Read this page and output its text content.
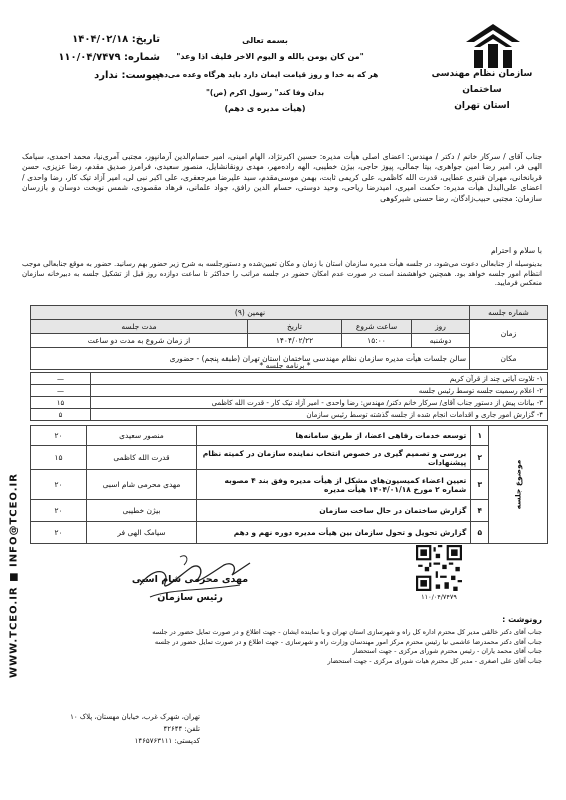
سازمان نظام مهندسی ساختمان
استان تهران
بسمه تعالی
"من کان یومن بالله و الیوم الاخر فلیف اذا وعد"
هر که به خدا و روز قیامت ایمان دارد باید هرگاه وعده می‌دهد،
بدان وفا کند" رسول اکرم (ص)"
(هیأت مدیره ی دهم)
تاریخ: ۱۴۰۴/۰۲/۱۸
شماره: ۱۱۰/۰۴/۷۴۷۹
پیوست: ندارد
جناب آقای / سرکار خانم / دکتر / مهندس: اعضای اصلی هیأت مدیره: حسین اکبرنژاد، الهام امینی، امیر حسام‌الدین آرمانپور، مجتبی آمری‌نیا، محمد احمدی، سیامک الهی فر، امیر رضا امین جواهری، بیتا جمالی، پیوز حاجی، بیژن خطیبی، الهه راده‌مهر، مهدی رونقانشایل، منصور سعیدی، فرامرز صدیق مقدم، رضا عزیزی، حسن قربانخانی، مهران قنبری عطایی، قدرت الله کاظمی، علی کریمی ثابت، بهمن موسی‌مقدم، سید علیرضا میرجعفری، علی اکبر نبی لی، امیر آزاد تیک کار، رضا واحدی / اعضای علی‌البدل هیأت مدیره: حکمت امیری، امیدرضا ریاحی، وحید دوستی، حسام الدین رافق، جواد علمانی، فرهاد مقصودی، شمس نوبخت دوسان و بازرسان سازمان: مجتبی حبیب‌زادگان، رضا حسنی شیرکوهی
با سلام و احترام
بدینوسیله از جنابعالی دعوت می‌شود، در جلسه هیأت مدیره سازمان استان با زمان و مکان تعیین‌شده و دستورجلسه به شرح زیر حضور بهم رسانید. حضور به موقع جنابعالی موجب انتظام امور جلسه خواهد بود. همچنین خواهشمند است در صورت عدم امکان حضور در جلسه مراتب را حداکثر تا ساعت دوازده روز قبل از تشکیل جلسه به دبیرخانه سازمان منعکس فرمایید.
شماره جلسه	نهمین (۹)			
زمان	روز	ساعت شروع	تاریخ	مدت جلسه
	دوشنبه	۱۵:۰۰	۱۴۰۴/۰۲/۲۲	از زمان شروع به مدت دو ساعت
مکان	سالن جلسات هیأت مدیره سازمان نظام مهندسی ساختمان استان تهران (طبقه پنجم) - حضوری			
* برنامه جلسه *
۱- تلاوت آیاتی چند از قرآن کریم	—
۲- اعلام رسمیت جلسه توسط رئیس جلسه	—
۳- بیانات پیش از دستور جناب آقای/ سرکار خانم دکتر/ مهندس: رضا واحدی - امیر آزاد تیک کار - قدرت الله کاظمی	۱۵
۴- گزارش امور جاری و اقدامات انجام شده از جلسه گذشته توسط رئیس سازمان	۵
موضوع جلسه	۱	توسعه خدمات رفاهی اعضا، از طریق سامانه‌ها	منصور سعیدی	۲۰
	۲	بررسی و تصمیم گیری در خصوص انتخاب نماینده سازمان در کمیته نظام پیشنهادات	قدرت الله کاظمی	۱۵
	۳	تعیین اعضاء کمیسیون‌های مشکل از هیأت مدیره وفق بند ۴ مصوبه شماره ۲ مورخ ۱۴۰۴/۰۱/۱۸ هیأت مدیره	مهدی محرمی شام اسبی	۲۰
	۴	گزارش ساختمان در حال ساخت سازمان	بیژن خطیبی	۲۰
	۵	گزارش تحویل و تحول سازمان بین هیأت مدیره دوره نهم و دهم	سیامک الهی فر	۲۰
WWW.TCEO.IR ■ INFO@TCEO.IR	مهدی محرمی شام اسبی
رئیس سازمان	۱۱۰/۰۴/۷۴۷۹
رونوشت :
جناب آقای دکتر خالقی مدیر کل محترم اداره کل راه و شهرسازی استان تهران و با نماینده ایشان - جهت اطلاع و در صورت تمایل حضور در جلسه
جناب آقای دکتر محمدرضا عاشمی نیا رئیس محترم مرکز امور مهندسان وزارت راه و شهرسازی - جهت اطلاع و در صورت تمایل حضور در جلسه
جناب آقای محمد یاران - رئیس محترم شورای مرکزی - جهت استحضار
جناب آقای علی اصغری - مدیر کل محترم هیات شورای مرکزی - جهت استحضار
تهران، شهرک غرب، خیابان مهستان، پلاک ۱۰
تلفن: ۴۲۶۴۴
کدپستی: ۱۴۶۵۷۶۳۱۱۱
